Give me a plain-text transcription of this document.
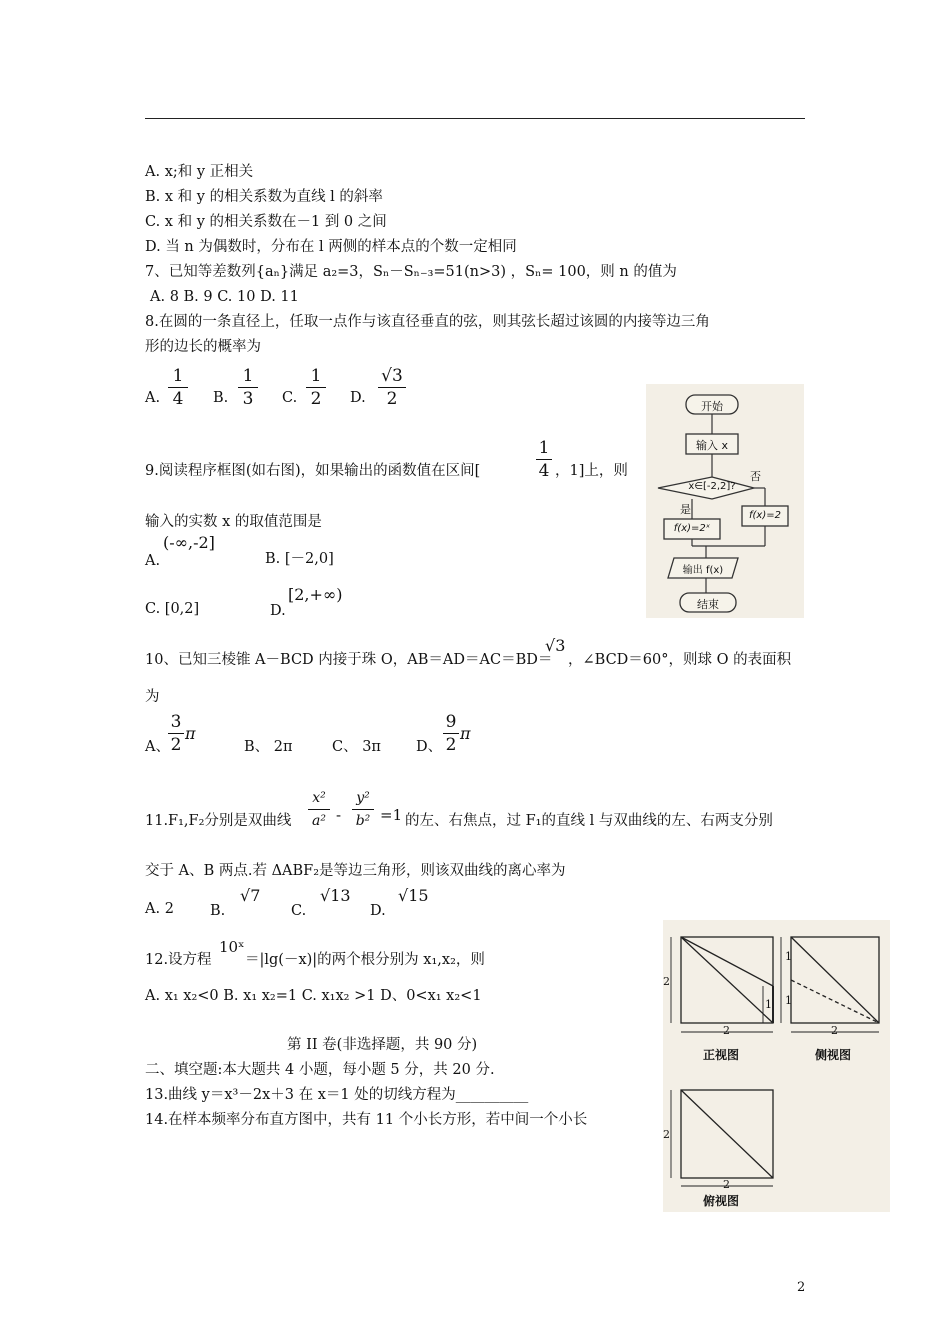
A. x;和 y 正相关
B. x 和 y 的相关系数为直线 l 的斜率
C. x 和 y 的相关系数在－1 到 0 之间
D. 当 n 为偶数时，分布在 l 两侧的样本点的个数一定相同
7、已知等差数列{aₙ}满足 a₂=3，Sₙ－Sₙ₋₃=51(n>3) ，Sₙ= 100，则 n 的值为
A. 8 B. 9 C. 10 D. 11
8.在圆的一条直径上，任取一点作与该直径垂直的弦，则其弦长超过该圆的内接等边三角
形的边长的概率为
A.
1
4	B.
1
3	C.
1
2	D.
√3
2
9.阅读程序框图(如右图)，如果输出的函数值在区间[
1
4 ，1]上，则
输入的实数 x 的取值范围是
A.
(-∞,-2]
B. [－2,0]
C. [0,2]	D.
[2,+∞)
开始
输入 x
x∈[-2,2]?
否
是
f(x)=2ˣ
f(x)=2
输出 f(x)
结束
10、已知三棱锥 A－BCD 内接于珠 O，AB＝AD＝AC＝BD＝
√3
，∠BCD＝60°，则球 O 的表面积
为
A、
3
2
π
B、 2π	C、 3π D、
9
2
π
11.F₁,F₂分别是双曲线
x²
a² -
y²
b² =1 的左、右焦点，过 F₁的直线 l 与双曲线的左、右两支分别
交于 A、B 两点.若 ΔABF₂是等边三角形，则该双曲线的离心率为
A. 2 B.
√7
C.
√13
D.
√15
12.设方程
10ˣ
＝|lg(－x)|的两个根分别为 x₁,x₂，则
A. x₁ x₂<0 B. x₁ x₂=1 C. x₁x₂ >1 D、0<x₁ x₂<1
第 II 卷(非选择题，共 90 分)
二、填空题:本大题共 4 小题，每小题 5 分，共 20 分.
13.曲线 y＝x³－2x＋3 在 x＝1 处的切线方程为__________
14.在样本频率分布直方图中，共有 11 个小长方形，若中间一个小长
2
2
1
1
1
2
2
2
正视图	侧视图
俯视图
2
